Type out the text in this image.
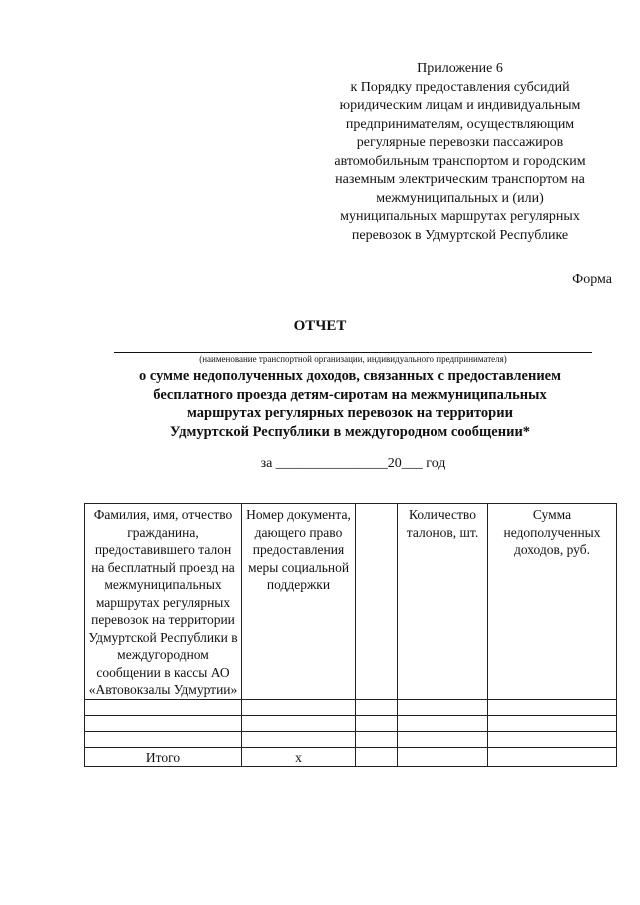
Приложение 6
к Порядку предоставления субсидий
юридическим лицам и индивидуальным
предпринимателям, осуществляющим
регулярные перевозки пассажиров
автомобильным транспортом и городским
наземным электрическим транспортом на
межмуниципальных и (или)
муниципальных маршрутах регулярных
перевозок в Удмуртской Республике
Форма
ОТЧЕТ
(наименование транспортной организации, индивидуального предпринимателя)
о сумме недополученных доходов, связанных с предоставлением
бесплатного проезда детям-сиротам на межмуниципальных
маршрутах регулярных перевозок на территории
Удмуртской Республики в междугородном сообщении*
за ________________20___ год
Фамилия, имя, отчество гражданина, предоставившего талон на бесплатный проезд на межмуниципальных маршрутах регулярных перевозок на территории Удмуртской Республики в междугородном сообщении в кассы АО «Автовокзалы Удмуртии»	Номер документа, дающего право предоставления меры социальной поддержки		Количество талонов, шт.	Сумма недополученных доходов, руб.

Итого	х			
